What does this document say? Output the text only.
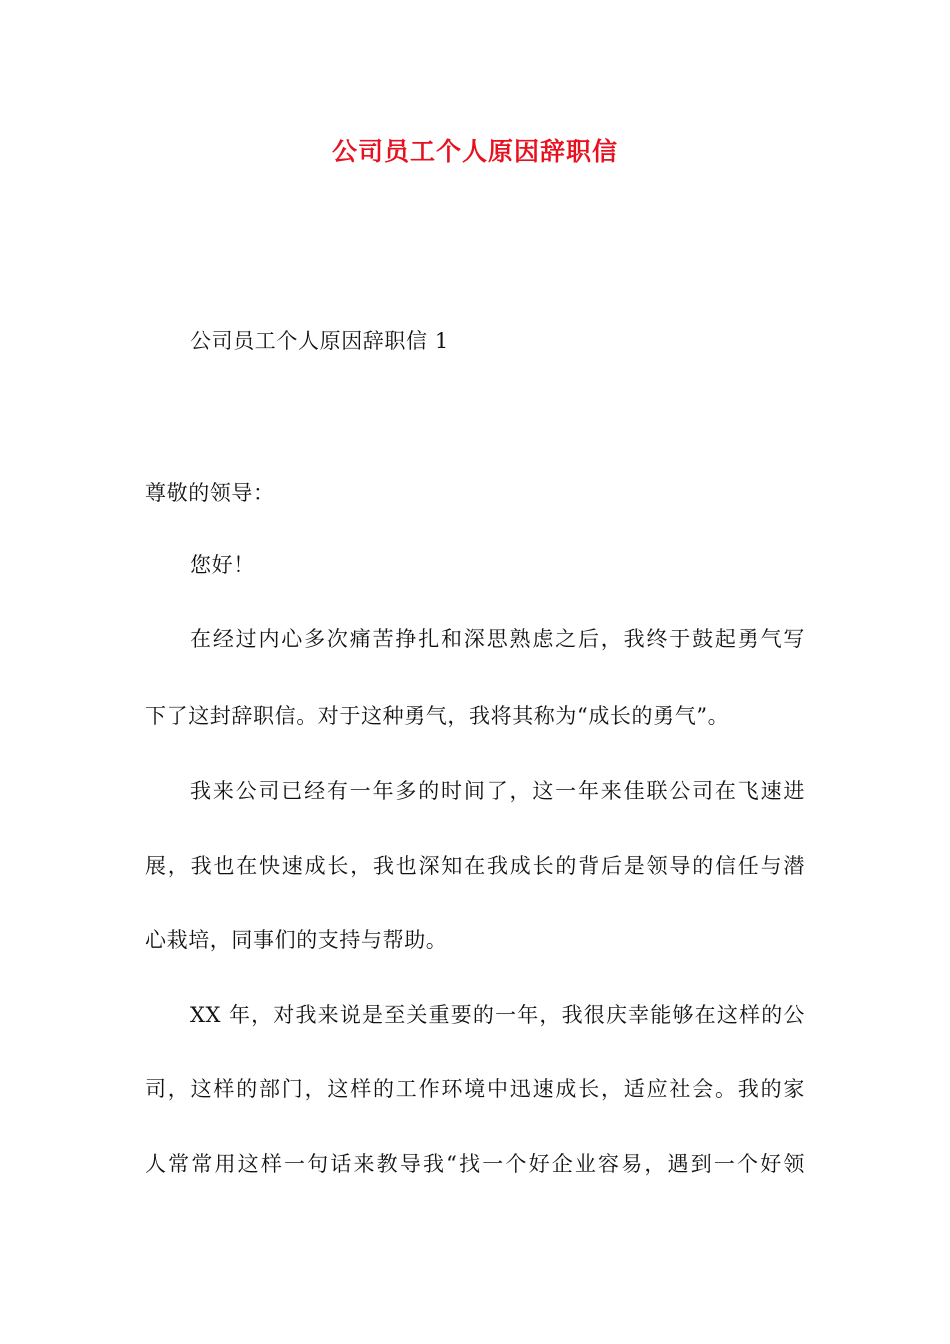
公司员工个人原因辞职信
公司员工个人原因辞职信 1
尊敬的领导：
您好！
在经过内心多次痛苦挣扎和深思熟虑之后，我终于鼓起勇气写
下了这封辞职信。对于这种勇气，我将其称为“成长的勇气”。
我来公司已经有一年多的时间了，这一年来佳联公司在飞速进
展，我也在快速成长，我也深知在我成长的背后是领导的信任与潜
心栽培，同事们的支持与帮助。
XX 年，对我来说是至关重要的一年，我很庆幸能够在这样的公
司，这样的部门，这样的工作环境中迅速成长，适应社会。我的家
人常常用这样一句话来教导我“找一个好企业容易，遇到一个好领
